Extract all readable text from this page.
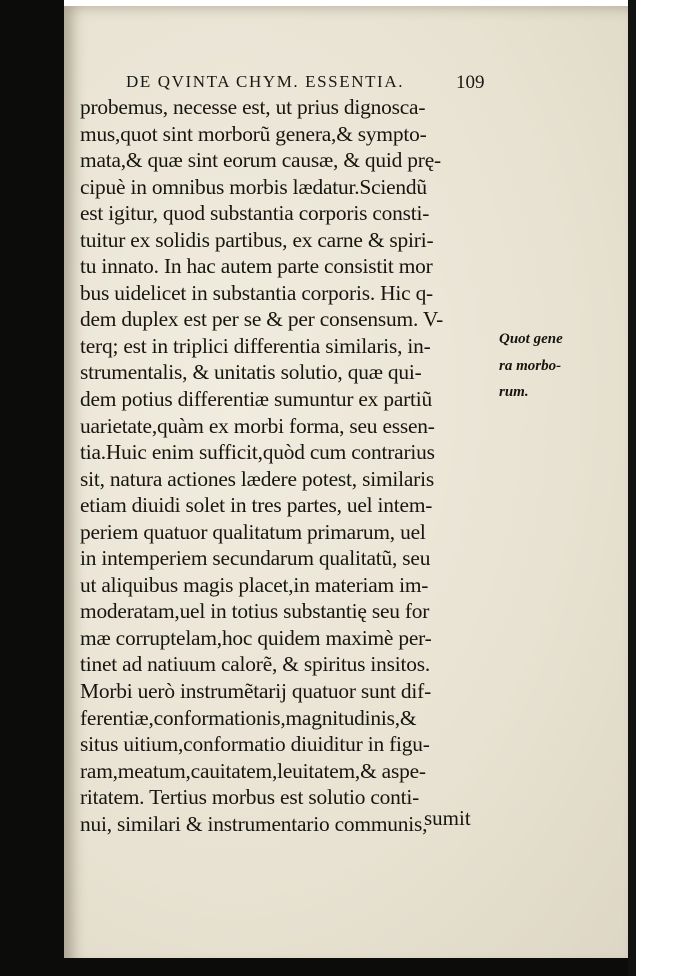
DE QVINTA CHYM. ESSENTIA.	109
probemus, necesse est, ut prius dignosca-
mus,quot sint morborũ genera,& sympto-
mata,& quæ sint eorum causæ, & quid prę-
cipuè in omnibus morbis lædatur.Sciendũ
est igitur, quod substantia corporis consti-
tuitur ex solidis partibus, ex carne & spiri-
tu innato. In hac autem parte consistit mor
bus uidelicet in substantia corporis. Hic q-
dem duplex est per se & per consensum. V-
terq; est in triplici differentia similaris, in-
strumentalis, & unitatis solutio, quæ qui-
dem potius differentiæ sumuntur ex partiũ
uarietate,quàm ex morbi forma, seu essen-
tia.Huic enim sufficit,quòd cum contrarius
sit, natura actiones lædere potest, similaris
etiam diuidi solet in tres partes, uel intem-
periem quatuor qualitatum primarum, uel
in intemperiem secundarum qualitatũ, seu
ut aliquibus magis placet,in materiam im-
moderatam,uel in totius substantię seu for
mæ corruptelam,hoc quidem maximè per-
tinet ad natiuum calorẽ, & spiritus insitos.
Morbi uerò instrumẽtarij quatuor sunt dif-
ferentiæ,conformationis,magnitudinis,&
situs uitium,conformatio diuiditur in figu-
ram,meatum,cauitatem,leuitatem,& aspe-
ritatem. Tertius morbus est solutio conti-
nui, similari & instrumentario communis,
Quot gene
ra morbo-
rum.
sumit
